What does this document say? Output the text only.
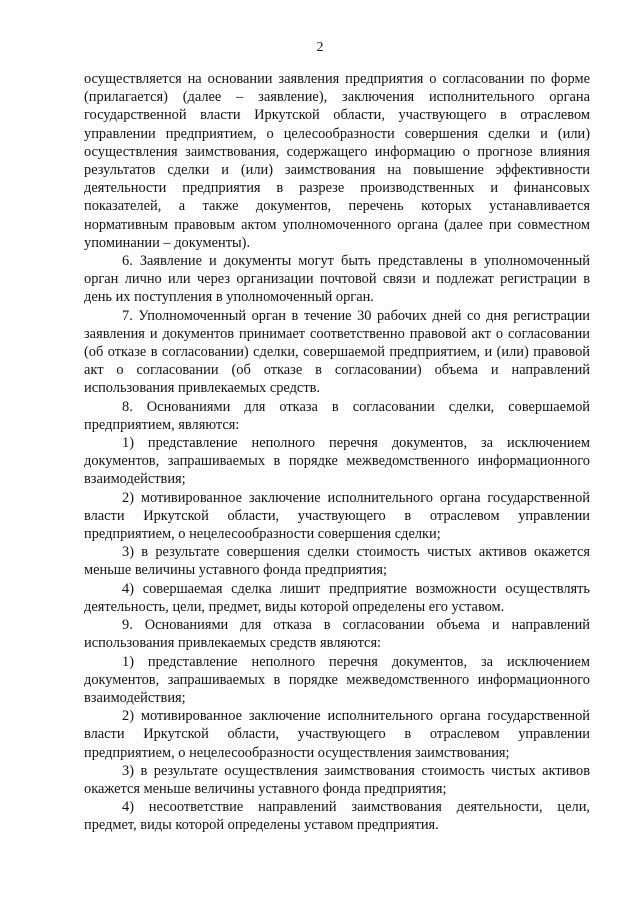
2

осуществляется на основании заявления предприятия о согласовании по форме (прилагается) (далее – заявление), заключения исполнительного органа государственной власти Иркутской области, участвующего в отраслевом управлении предприятием, о целесообразности совершения сделки и (или) осуществления заимствования, содержащего информацию о прогнозе влияния результатов сделки и (или) заимствования на повышение эффективности деятельности предприятия в разрезе производственных и финансовых показателей, а также документов, перечень которых устанавливается нормативным правовым актом уполномоченного органа (далее при совместном упоминании – документы).

6. Заявление и документы могут быть представлены в уполномоченный орган лично или через организации почтовой связи и подлежат регистрации в день их поступления в уполномоченный орган.

7. Уполномоченный орган в течение 30 рабочих дней со дня регистрации заявления и документов принимает соответственно правовой акт о согласовании (об отказе в согласовании) сделки, совершаемой предприятием, и (или) правовой акт о согласовании (об отказе в согласовании) объема и направлений использования привлекаемых средств.

8. Основаниями для отказа в согласовании сделки, совершаемой предприятием, являются:

1) представление неполного перечня документов, за исключением документов, запрашиваемых в порядке межведомственного информационного взаимодействия;

2) мотивированное заключение исполнительного органа государственной власти Иркутской области, участвующего в отраслевом управлении предприятием, о нецелесообразности совершения сделки;

3) в результате совершения сделки стоимость чистых активов окажется меньше величины уставного фонда предприятия;

4) совершаемая сделка лишит предприятие возможности осуществлять деятельность, цели, предмет, виды которой определены его уставом.

9. Основаниями для отказа в согласовании объема и направлений использования привлекаемых средств являются:

1) представление неполного перечня документов, за исключением документов, запрашиваемых в порядке межведомственного информационного взаимодействия;

2) мотивированное заключение исполнительного органа государственной власти Иркутской области, участвующего в отраслевом управлении предприятием, о нецелесообразности осуществления заимствования;

3) в результате осуществления заимствования стоимость чистых активов окажется меньше величины уставного фонда предприятия;

4) несоответствие направлений заимствования деятельности, цели, предмет, виды которой определены уставом предприятия.
